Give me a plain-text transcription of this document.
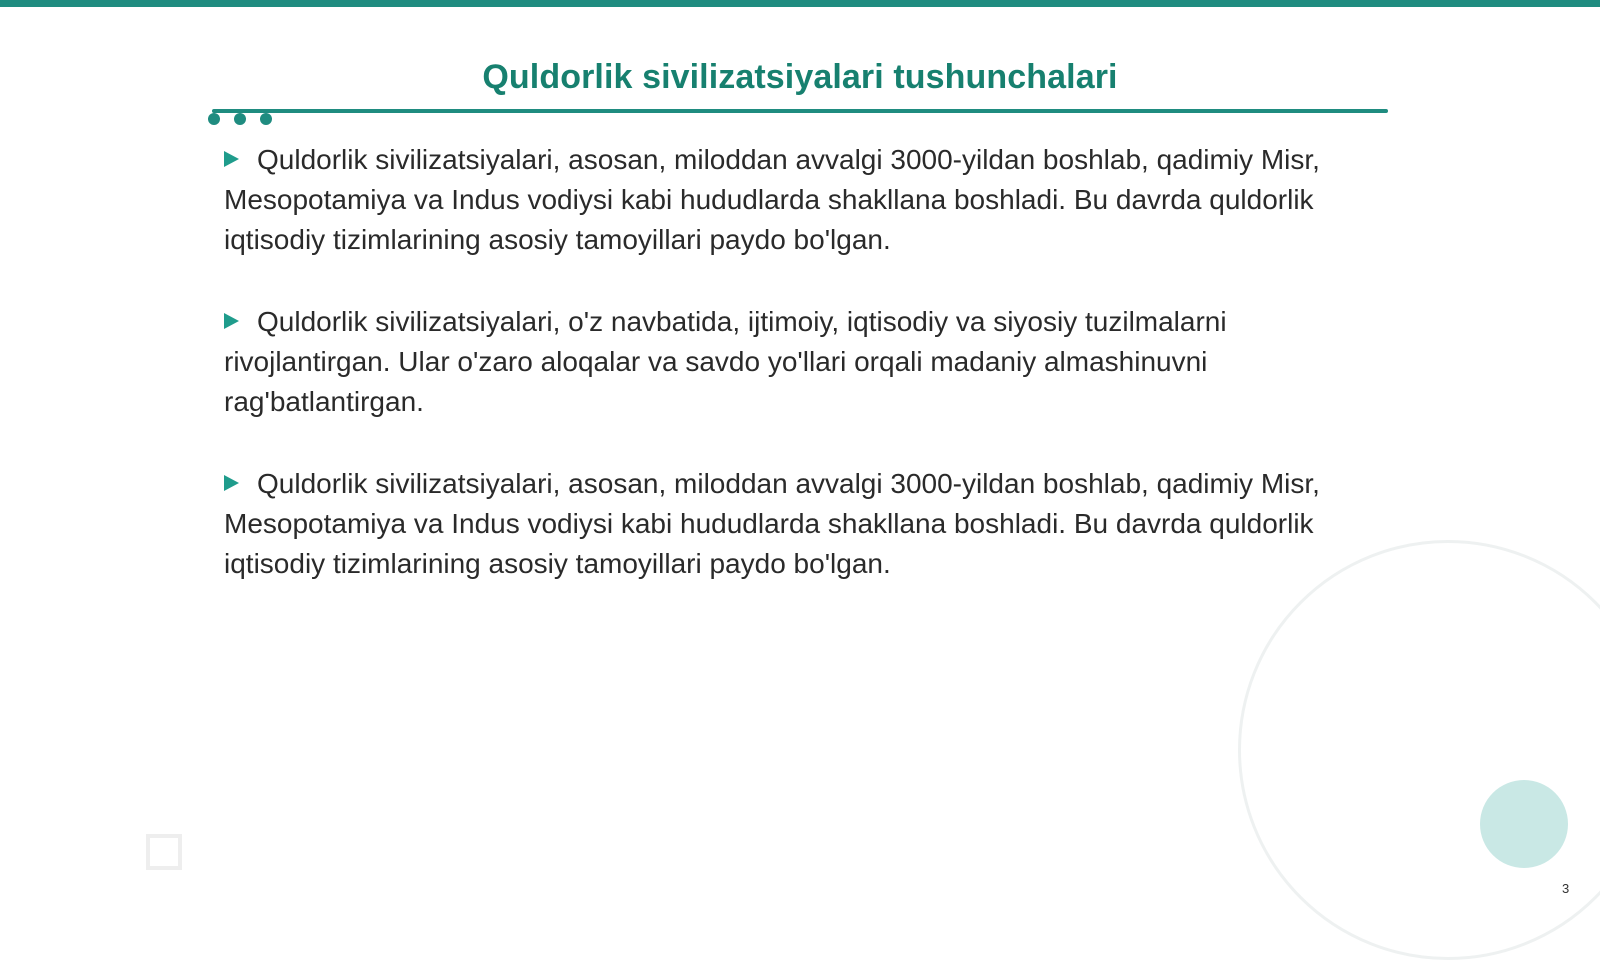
Quldorlik sivilizatsiyalari tushunchalari

Quldorlik sivilizatsiyalari, asosan, miloddan avvalgi 3000-yildan boshlab, qadimiy Misr, Mesopotamiya va Indus vodiysi kabi hududlarda shakllana boshladi. Bu davrda quldorlik iqtisodiy tizimlarining asosiy tamoyillari paydo bo'lgan.

Quldorlik sivilizatsiyalari, o'z navbatida, ijtimoiy, iqtisodiy va siyosiy tuzilmalarni rivojlantirgan. Ular o'zaro aloqalar va savdo yo'llari orqali madaniy almashinuvni rag'batlantirgan.

Quldorlik sivilizatsiyalari, asosan, miloddan avvalgi 3000-yildan boshlab, qadimiy Misr, Mesopotamiya va Indus vodiysi kabi hududlarda shakllana boshladi. Bu davrda quldorlik iqtisodiy tizimlarining asosiy tamoyillari paydo bo'lgan.

3
